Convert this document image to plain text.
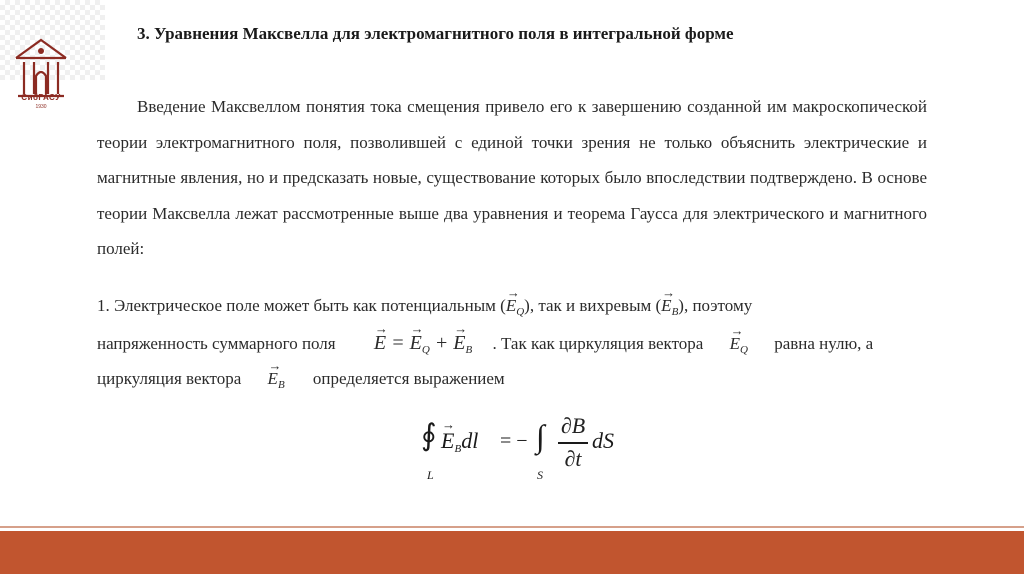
СибГАСУ
1930
3. Уравнения Максвелла для электромагнитного поля в интегральной форме
Введение Максвеллом понятия тока смещения привело его к завершению созданной им макроскопической теории электромагнитного поля, позволившей с единой точки зрения не только объяснить электрические и магнитные явления, но и предсказать новые, существование которых было впоследствии подтверждено. В основе теории Максвелла лежат рассмотренные выше два уравнения и теорема Гаусса для электрического и магнитного полей:
1. Электрическое поле может быть как потенциальным (→ $E_Q$), так и вихревым (→ $E_B$), поэтому
напряженность суммарного поля → E = → $E_Q$ + → $E_B$ . Так как циркуляция вектора → $E_Q$ равна нулю, а
циркуляция вектора → $E_B$ определяется выражением
∮
L
→ $E_Bdl$ = − ∫
S
∂B
∂t
dS
